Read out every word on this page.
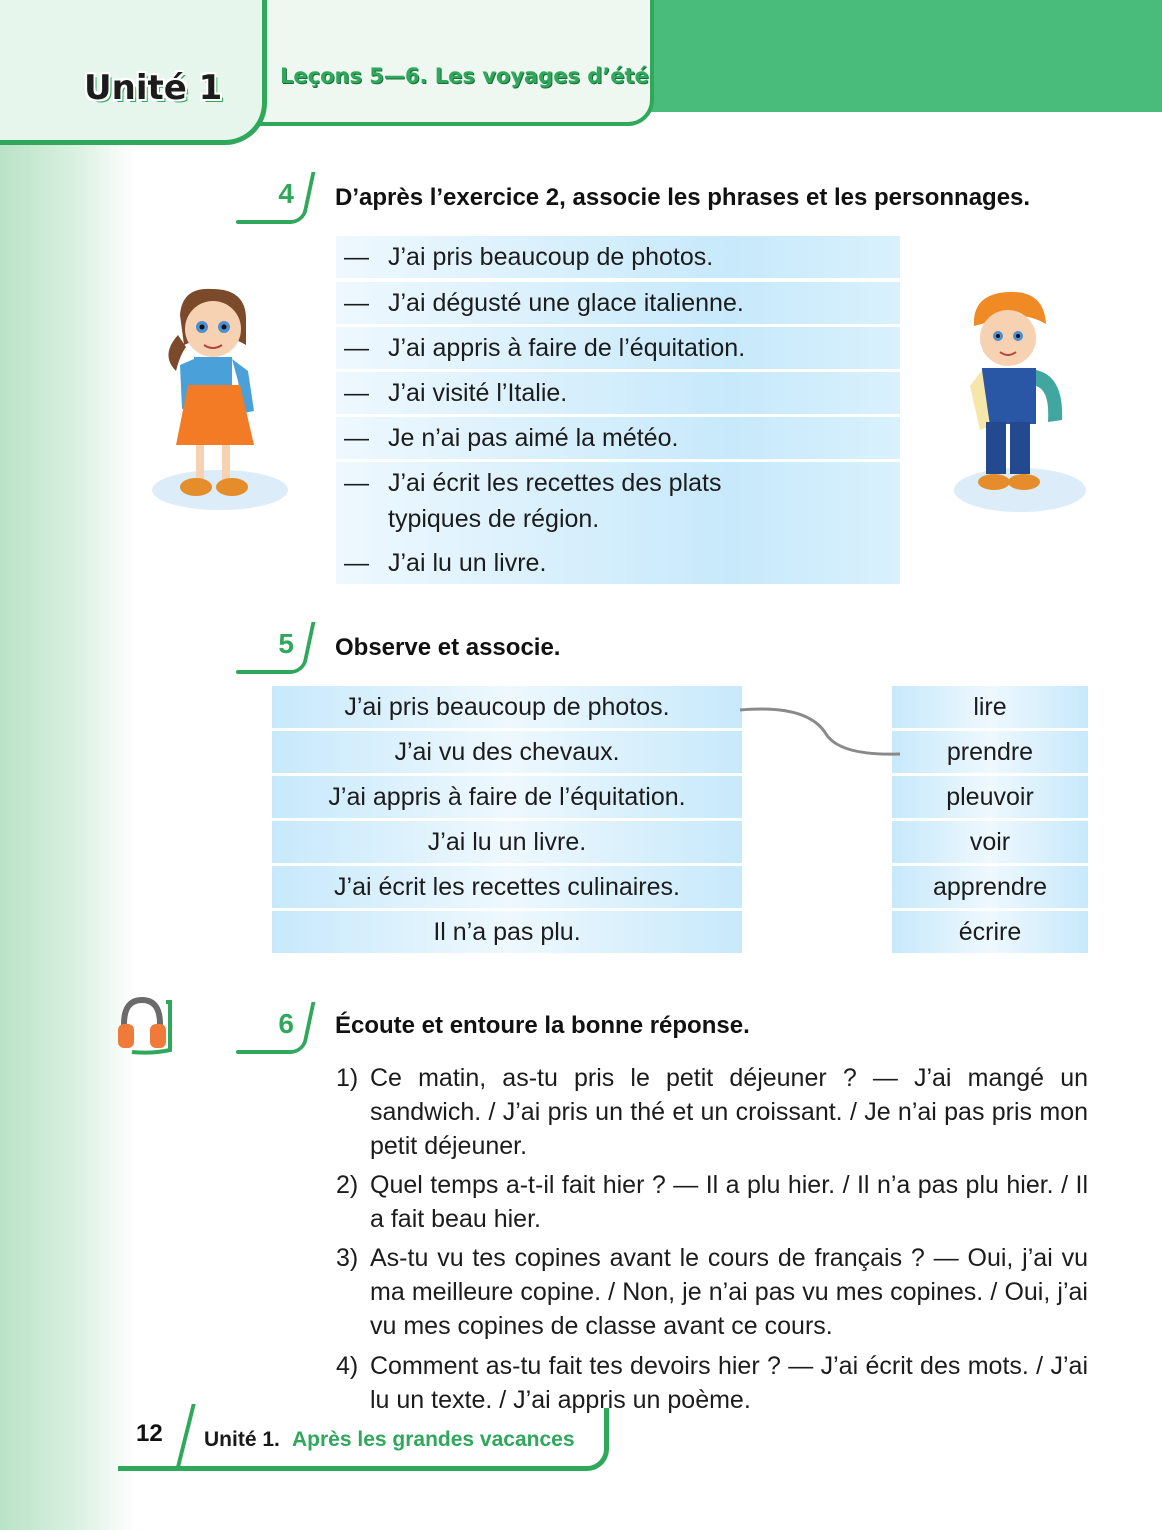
Unité 1	Leçons 5—6. Les voyages d’été
4 D’après l’exercice 2, associe les phrases et les personnages.
— J’ai pris beaucoup de photos.
— J’ai dégusté une glace italienne.
— J’ai appris à faire de l’équitation.
— J’ai visité l’Italie.
— Je n’ai pas aimé la météo.
— J’ai écrit les recettes des plats typiques de région.
— J’ai lu un livre.
5 Observe et associe.
J’ai pris beaucoup de photos.
J’ai vu des chevaux.
J’ai appris à faire de l’équitation.
J’ai lu un livre.
J’ai écrit les recettes culinaires.
Il n’a pas plu.
lire
prendre
pleuvoir
voir
apprendre
écrire
6 Écoute et entoure la bonne réponse.
1) Ce matin, as-tu pris le petit déjeuner ? — J’ai mangé un sandwich. / J’ai pris un thé et un croissant. / Je n’ai pas pris mon petit déjeuner.
2) Quel temps a-t-il fait hier ? — Il a plu hier. / Il n’a pas plu hier. / Il a fait beau hier.
3) As-tu vu tes copines avant le cours de français ? — Oui, j’ai vu ma meilleure copine. / Non, je n’ai pas vu mes copines. / Oui, j’ai vu mes copines de classe avant ce cours.
4) Comment as-tu fait tes devoirs hier ? — J’ai écrit des mots. / J’ai lu un texte. / J’ai appris un poème.
12 Unité 1. Après les grandes vacances
